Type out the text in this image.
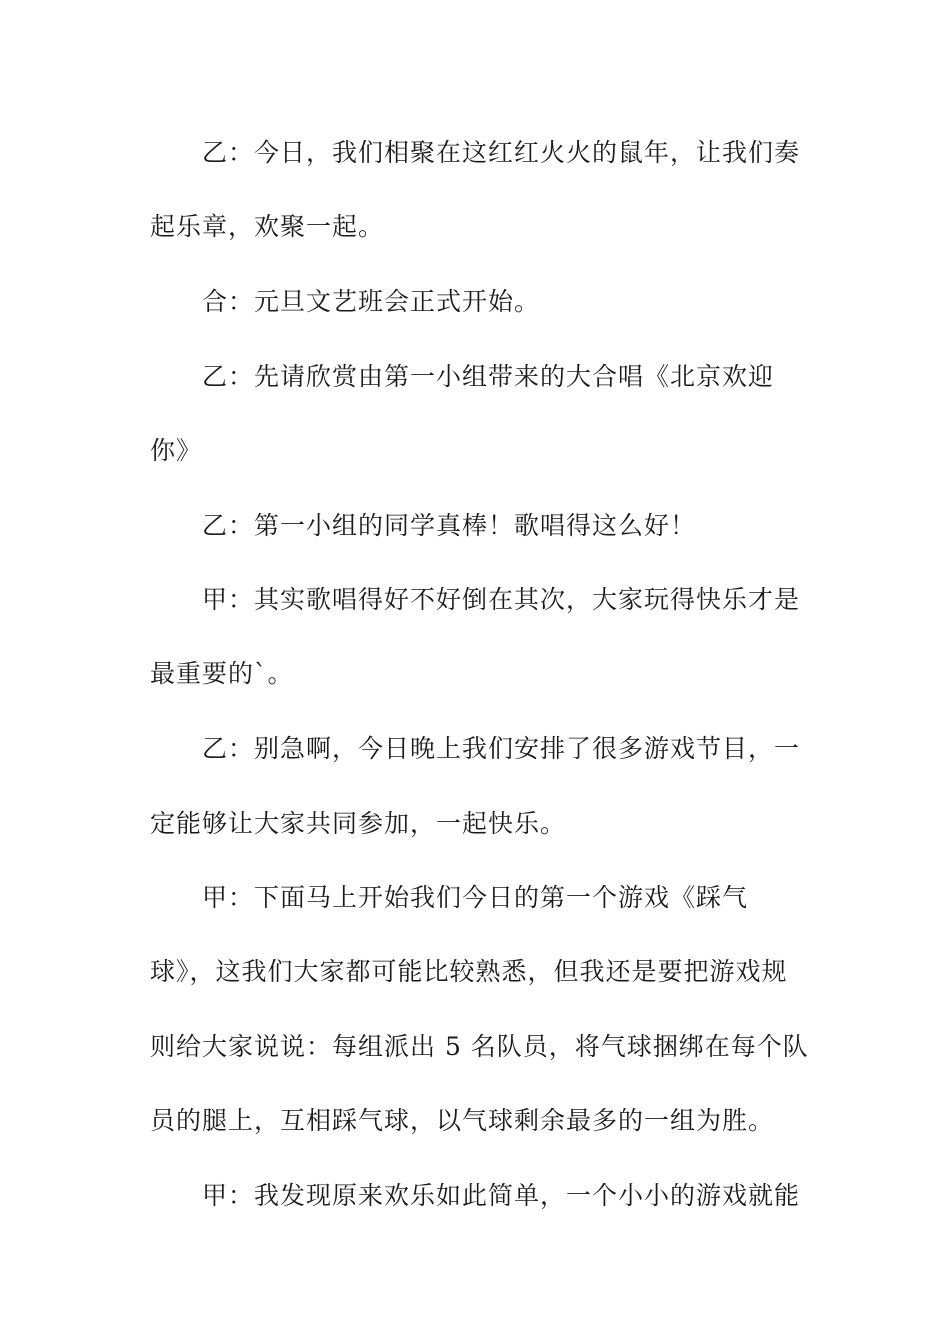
乙：今日，我们相聚在这红红火火的鼠年，让我们奏
起乐章，欢聚一起。
合：元旦文艺班会正式开始。
乙：先请欣赏由第一小组带来的大合唱《北京欢迎
你》
乙：第一小组的同学真棒！歌唱得这么好！
甲：其实歌唱得好不好倒在其次，大家玩得快乐才是
最重要的`。
乙：别急啊，今日晚上我们安排了很多游戏节目，一
定能够让大家共同参加，一起快乐。
甲：下面马上开始我们今日的第一个游戏《踩气
球》，这我们大家都可能比较熟悉，但我还是要把游戏规
则给大家说说：每组派出 5 名队员，将气球捆绑在每个队
员的腿上，互相踩气球，以气球剩余最多的一组为胜。
甲：我发现原来欢乐如此简单，一个小小的游戏就能
